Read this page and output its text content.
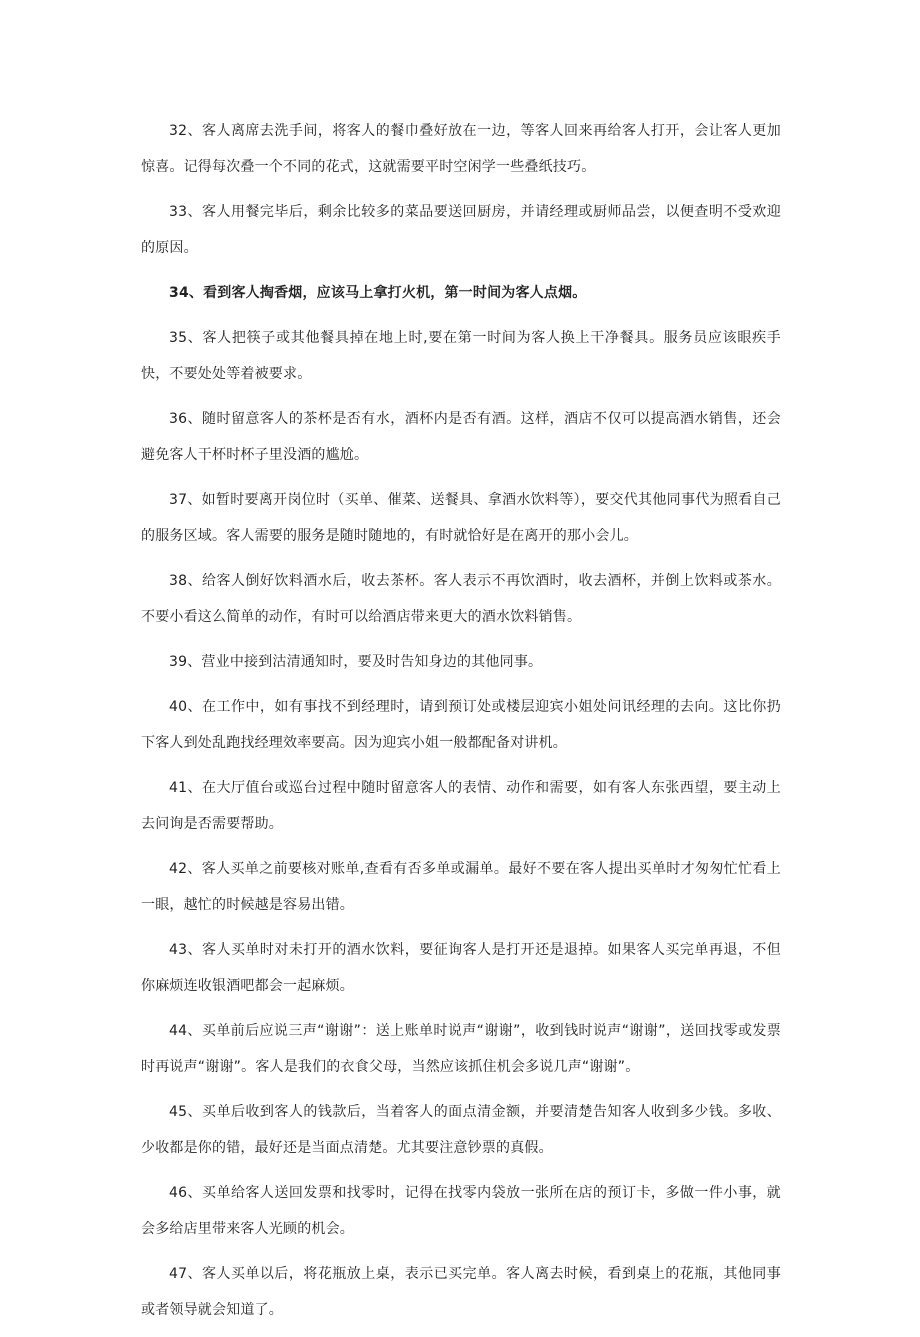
32、客人离席去洗手间，将客人的餐巾叠好放在一边，等客人回来再给客人打开，会让客人更加惊喜。记得每次叠一个不同的花式，这就需要平时空闲学一些叠纸技巧。

33、客人用餐完毕后，剩余比较多的菜品要送回厨房，并请经理或厨师品尝，以便查明不受欢迎的原因。

34、看到客人掏香烟，应该马上拿打火机，第一时间为客人点烟。

35、客人把筷子或其他餐具掉在地上时,要在第一时间为客人换上干净餐具。服务员应该眼疾手快，不要处处等着被要求。

36、随时留意客人的茶杯是否有水，酒杯内是否有酒。这样，酒店不仅可以提高酒水销售，还会避免客人干杯时杯子里没酒的尴尬。

37、如暂时要离开岗位时（买单、催菜、送餐具、拿酒水饮料等），要交代其他同事代为照看自己的服务区域。客人需要的服务是随时随地的，有时就恰好是在离开的那小会儿。

38、给客人倒好饮料酒水后，收去茶杯。客人表示不再饮酒时，收去酒杯，并倒上饮料或茶水。不要小看这么简单的动作，有时可以给酒店带来更大的酒水饮料销售。

39、营业中接到沽清通知时，要及时告知身边的其他同事。

40、在工作中，如有事找不到经理时，请到预订处或楼层迎宾小姐处问讯经理的去向。这比你扔下客人到处乱跑找经理效率要高。因为迎宾小姐一般都配备对讲机。

41、在大厅值台或巡台过程中随时留意客人的表情、动作和需要，如有客人东张西望，要主动上去问询是否需要帮助。

42、客人买单之前要核对账单,查看有否多单或漏单。最好不要在客人提出买单时才匆匆忙忙看上一眼，越忙的时候越是容易出错。

43、客人买单时对未打开的酒水饮料，要征询客人是打开还是退掉。如果客人买完单再退，不但你麻烦连收银酒吧都会一起麻烦。

44、买单前后应说三声“谢谢”：送上账单时说声“谢谢”，收到钱时说声“谢谢”，送回找零或发票时再说声“谢谢”。客人是我们的衣食父母，当然应该抓住机会多说几声“谢谢”。

45、买单后收到客人的钱款后，当着客人的面点清金额，并要清楚告知客人收到多少钱。多收、少收都是你的错，最好还是当面点清楚。尤其要注意钞票的真假。

46、买单给客人送回发票和找零时，记得在找零内袋放一张所在店的预订卡，多做一件小事，就会多给店里带来客人光顾的机会。

47、客人买单以后，将花瓶放上桌，表示已买完单。客人离去时候，看到桌上的花瓶，其他同事或者领导就会知道了。
